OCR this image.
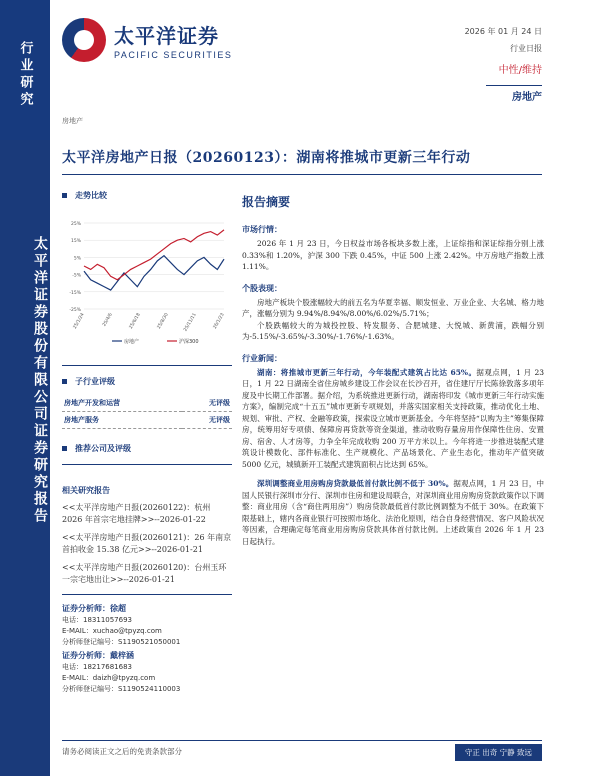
行业研究
太平洋证券股份有限公司证券研究报告
太平洋证券
PACIFIC SECURITIES
2026 年 01 月 24 日
行业日报
中性/维持
房地产
房地产
太平洋房地产日报（20260123）：湖南将推城市更新三年行动
走势比较
25%
15%
5%
-5%
-15%
-25%
25/1/24	25/4/6	25/6/18	25/8/30	25/11/11	26/1/23
房地产	沪深300
子行业评级
房地产开发和运营	无评级
房地产服务	无评级
推荐公司及评级
相关研究报告
<<太平洋房地产日报(20260122)：杭州 2026 年首宗宅地挂牌>>--2026-01-22
<<太平洋房地产日报(20260121)：26 年南京首拍收金 15.38 亿元>>--2026-01-21
<<太平洋房地产日报(20260120)：台州玉环一宗宅地出让>>--2026-01-21
证券分析师：徐超
电话：18311057693
E-MAIL：xuchao@tpyzq.com
分析师登记编号：S1190521050001
证券分析师：戴梓涵
电话：18217681683
E-MAIL：daizh@tpyzq.com
分析师登记编号：S1190524110003
报告摘要
市场行情：

2026 年 1 月 23 日，今日权益市场各板块多数上涨，上证综指和深证综指分别上涨 0.33%和 1.20%，沪深 300 下跌 0.45%，中证 500 上涨 2.42%。中万房地产指数上涨 1.11%。

个股表现：

房地产板块个股涨幅较大的前五名为华夏幸福、顺发恒业、万业企业、大名城、格力地产，涨幅分别为 9.94%/8.94%/8.00%/6.02%/5.71%；

个股跌幅较大的为城投控股、特发服务、合肥城建、大悦城、新黄浦，跌幅分别为-5.15%/-3.65%/-3.30%/-1.76%/-1.63%。

行业新闻：

湖南：将推城市更新三年行动，今年装配式建筑占比达 65%。据观点网，1 月 23 日，1 月 22 日湖南全省住房城乡建设工作会议在长沙召开，省住建厅厅长陈徐敦落多项年度及中长期工作部署。据介绍，为系统推进更新行动，湖南将印发《城市更新三年行动实施方案》，编制完成“十五五”城市更新专项规划，并落实国家相关支持政策，推动优化土地、规划、审批、产权、金融等政策，探索设立城市更新基金。今年将坚持“以购为主”筹集保障房，统筹用好专项债、保障房再贷款等资金渠道，推动收购存量房用作保障性住房、安置房、宿舍、人才房等，力争全年完成收购 200 万平方米以上。今年将进一步推进装配式建筑设计模数化、部件标准化、生产规模化、产品场景化、产业生态化，推动年产值突破 5000 亿元，城镇新开工装配式建筑面积占比达到 65%。

深圳调整商业用房购房贷款最低首付款比例不低于 30%。据观点网，1 月 23 日，中国人民银行深圳市分行、深圳市住房和建设局联合，对深圳商业用房购房贷款政策作以下调整：商业用房（含“商住两用房”）购房贷款最低首付款比例调整为不低于 30%。在政策下限基础上，辖内各商业银行可按照市场化、法治化原则，结合自身经营情况、客户风险状况等因素，合理确定每笔商业用房购房贷款具体首付款比例。上述政策自 2026 年 1 月 23 日起执行。

请务必阅读正文之后的免责条款部分	守正 出奇 宁静 致远
